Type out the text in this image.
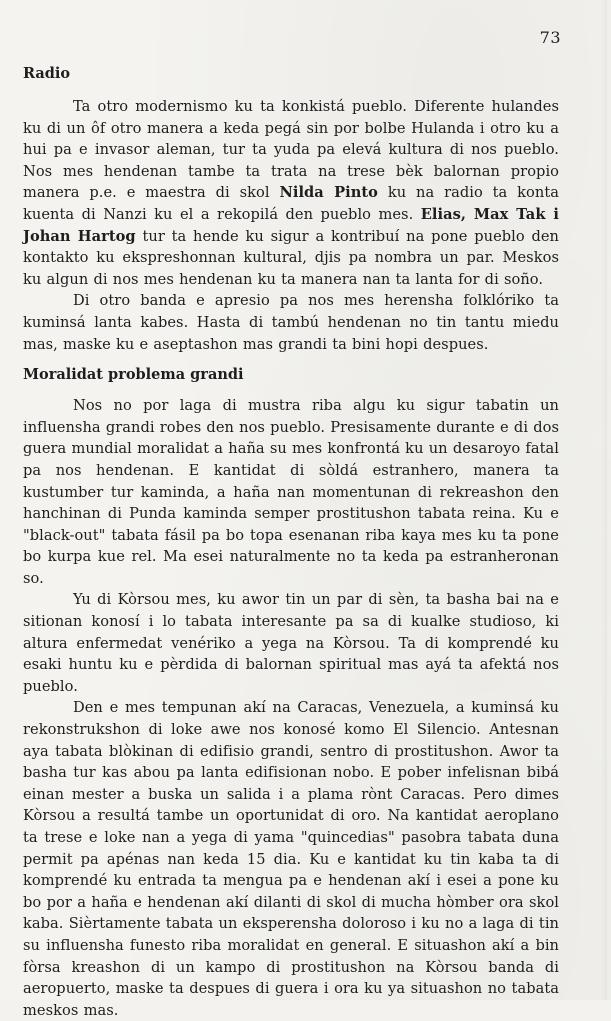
73
Radio

Ta otro modernismo ku ta konkistá pueblo. Diferente hulandes ku di un ôf otro manera a keda pegá sin por bolbe Hulanda i otro ku a hui pa e invasor aleman, tur ta yuda pa elevá kultura di nos pueblo. Nos mes hendenan tambe ta trata na trese bèk balornan propio manera p.e. e maestra di skol Nilda Pinto ku na radio ta konta kuenta di Nanzi ku el a rekopilá den pueblo mes. Elias, Max Tak i Johan Hartog tur ta hende ku sigur a kontribuí na pone pueblo den kontakto ku ekspreshonnan kultural, djis pa nombra un par. Meskos ku algun di nos mes hendenan ku ta manera nan ta lanta for di soño.

Di otro banda e apresio pa nos mes herensha folklóriko ta kuminsá lanta kabes. Hasta di tambú hendenan no tin tantu miedu mas, maske ku e aseptashon mas grandi ta bini hopi despues.

Moralidat problema grandi

Nos no por laga di mustra riba algu ku sigur tabatin un influensha grandi robes den nos pueblo. Presisamente durante e di dos guera mundial moralidat a haña su mes konfrontá ku un desaroyo fatal pa nos hendenan. E kantidat di sòldá estranhero, manera ta kustumber tur kaminda, a haña nan momentunan di rekreashon den hanchinan di Punda kaminda semper prostitushon tabata reina. Ku e "black-out" tabata fásil pa bo topa esenanan riba kaya mes ku ta pone bo kurpa kue rel. Ma esei naturalmente no ta keda pa estranheronan so.

Yu di Kòrsou mes, ku awor tin un par di sèn, ta basha bai na e sitionan konosí i lo tabata interesante pa sa di kualke studioso, ki altura enfermedat venériko a yega na Kòrsou. Ta di komprendé ku esaki huntu ku e pèrdida di balornan spiritual mas ayá ta afektá nos pueblo.

Den e mes tempunan akí na Caracas, Venezuela, a kuminsá ku rekonstrukshon di loke awe nos konosé komo El Silencio. Antesnan aya tabata blòkinan di edifisio grandi, sentro di prostitushon. Awor ta basha tur kas abou pa lanta edifisionan nobo. E pober infelisnan bibá einan mester a buska un salida i a plama rònt Caracas. Pero dimes Kòrsou a resultá tambe un oportunidat di oro. Na kantidat aeroplano ta trese e loke nan a yega di yama "quincedias" pasobra tabata duna permit pa apénas nan keda 15 dia. Ku e kantidat ku tin kaba ta di komprendé ku entrada ta mengua pa e hendenan akí i esei a pone ku bo por a haña e hendenan akí dilanti di skol di mucha hòmber ora skol kaba. Sièrtamente tabata un eksperensha doloroso i ku no a laga di tin su influensha funesto riba moralidat en general. E situashon akí a bin fòrsa kreashon di un kampo di prostitushon na Kòrsou banda di aeropuerto, maske ta despues di guera i ora ku ya situashon no tabata meskos mas.
